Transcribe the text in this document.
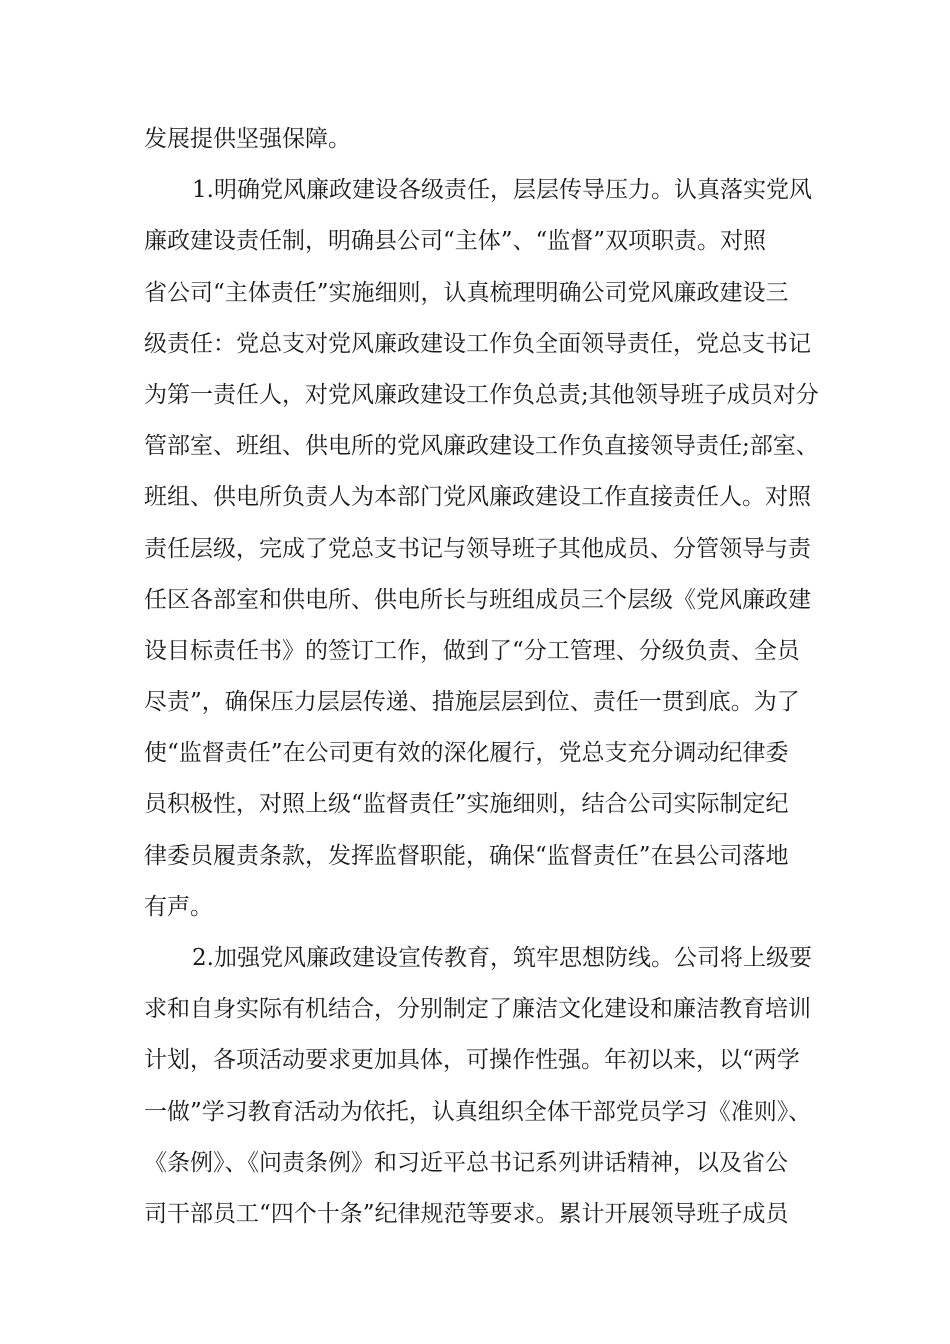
发展提供坚强保障。
1.明确党风廉政建设各级责任，层层传导压力。认真落实党风
廉政建设责任制，明确县公司“主体”、“监督”双项职责。对照
省公司“主体责任”实施细则，认真梳理明确公司党风廉政建设三
级责任：党总支对党风廉政建设工作负全面领导责任，党总支书记
为第一责任人，对党风廉政建设工作负总责;其他领导班子成员对分
管部室、班组、供电所的党风廉政建设工作负直接领导责任;部室、
班组、供电所负责人为本部门党风廉政建设工作直接责任人。对照
责任层级，完成了党总支书记与领导班子其他成员、分管领导与责
任区各部室和供电所、供电所长与班组成员三个层级《党风廉政建
设目标责任书》的签订工作，做到了“分工管理、分级负责、全员
尽责”，确保压力层层传递、措施层层到位、责任一贯到底。为了
使“监督责任”在公司更有效的深化履行，党总支充分调动纪律委
员积极性，对照上级“监督责任”实施细则，结合公司实际制定纪
律委员履责条款，发挥监督职能，确保“监督责任”在县公司落地
有声。
2.加强党风廉政建设宣传教育，筑牢思想防线。公司将上级要
求和自身实际有机结合，分别制定了廉洁文化建设和廉洁教育培训
计划，各项活动要求更加具体，可操作性强。年初以来，以“两学
一做”学习教育活动为依托，认真组织全体干部党员学习《准则》、
《条例》、《问责条例》和习近平总书记系列讲话精神，以及省公
司干部员工“四个十条”纪律规范等要求。累计开展领导班子成员
